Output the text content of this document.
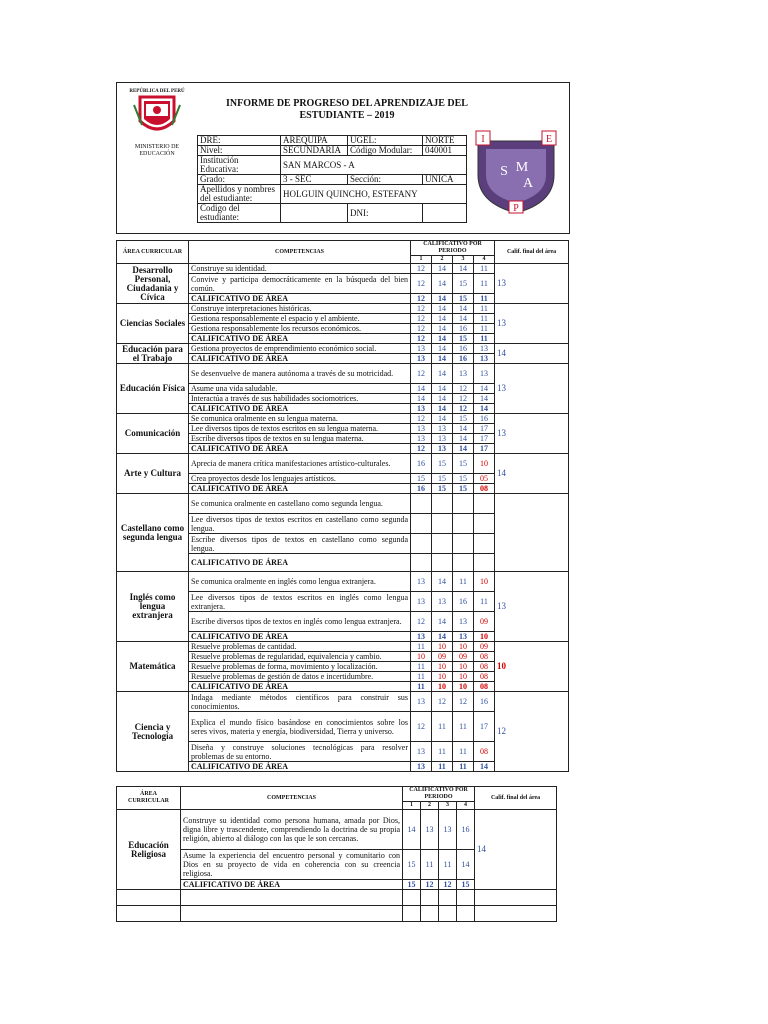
REPÚBLICA DEL PERÚ
MINISTERIO DE EDUCACIÓN
INFORME DE PROGRESO DEL APRENDIZAJE DEL ESTUDIANTE – 2019
I	E
S M
A
P
DRE:	AREQUIPA	UGEL:	NORTE
Nivel:	SECUNDARIA	Código Modular:	040001
Institución Educativa:	SAN MARCOS - A		
Grado:	3 - SEC	Sección:	UNICA
Apellidos y nombres del estudiante:	HOLGUIN QUINCHO, ESTEFANY		
Codigo del estudiante:		DNI:	
ÁREA CURRICULAR	COMPETENCIAS	CALIFICATIVO POR PERIODO				Calif. final del área
		1	2	3	4	
Desarrollo Personal, Ciudadania y Cívica	Construye su identidad.	12	14	14	11	13
	Convive y participa democráticamente en la búsqueda del bien común.	12	14	15	11	
	CALIFICATIVO DE ÁREA	12	14	15	11	
Ciencias Sociales	Construye interpretaciones históricas.	12	14	14	11	13
	Gestiona responsablemente el espacio y el ambiente.	12	14	14	11	
	Gestiona responsablemente los recursos económicos.	12	14	16	11	
	CALIFICATIVO DE ÁREA	12	14	15	11	
Educación para el Trabajo	Gestiona proyectos de emprendimiento económico social.	13	14	16	13	14
	CALIFICATIVO DE ÁREA	13	14	16	13	
Educación Física	Se desenvuelve de manera autónoma a través de su motricidad.	12	14	13	13	13
	Asume una vida saludable.	14	14	12	14	
	Interactúa a través de sus habilidades sociomotrices.	14	14	12	14	
	CALIFICATIVO DE ÁREA	13	14	12	14	
Comunicación	Se comunica oralmente en su lengua materna.	12	14	15	16	13
	Lee diversos tipos de textos escritos en su lengua materna.	13	13	14	17	
	Escribe diversos tipos de textos en su lengua materna.	13	13	14	17	
	CALIFICATIVO DE ÁREA	12	13	14	17	
Arte y Cultura	Aprecia de manera crítica manifestaciones artístico-culturales.	16	15	15	10	14
	Crea proyectos desde los lenguajes artísticos.	15	15	15	05	
	CALIFICATIVO DE ÁREA	16	15	15	08	
Castellano como segunda lengua	Se comunica oralmente en castellano como segunda lengua.					
	Lee diversos tipos de textos escritos en castellano como segunda lengua.					
	Escribe diversos tipos de textos en castellano como segunda lengua.					
	CALIFICATIVO DE ÁREA					
Inglés como lengua extranjera	Se comunica oralmente en inglés como lengua extranjera.	13	14	11	10	13
	Lee diversos tipos de textos escritos en inglés como lengua extranjera.	13	13	16	11	
	Escribe diversos tipos de textos en inglés como lengua extranjera.	12	14	13	09	
	CALIFICATIVO DE ÁREA	13	14	13	10	
Matemática	Resuelve problemas de cantidad.	11	10	10	09	10
	Resuelve problemas de regularidad, equivalencia y cambio.	10	09	09	08	
	Resuelve problemas de forma, movimiento y localización.	11	10	10	08	
	Resuelve problemas de gestión de datos e incertidumbre.	11	10	10	08	
	CALIFICATIVO DE ÁREA	11	10	10	08	
Ciencia y Tecnología	Indaga mediante métodos científicos para construir sus conocimientos.	13	12	12	16	12
	Explica el mundo físico basándose en conocimientos sobre los seres vivos, materia y energía, biodiversidad, Tierra y universo.	12	11	11	17	
	Diseña y construye soluciones tecnológicas para resolver problemas de su entorno.	13	11	11	08	
	CALIFICATIVO DE ÁREA	13	11	11	14	
ÁREA CURRICULAR	COMPETENCIAS	CALIFICATIVO POR PERIODO				Calif. final del área
		1	2	3	4	
Educación Religiosa	Construye su identidad como persona humana, amada por Dios, digna libre y trascendente, comprendiendo la doctrina de su propia religión, abierto al diálogo con las que le son cercanas.	14	13	13	16	14
	Asume la experiencia del encuentro personal y comunitario con Dios en su proyecto de vida en coherencia con su creencia religiosa.	15	11	11	14	
	CALIFICATIVO DE ÁREA	15	12	12	15	
